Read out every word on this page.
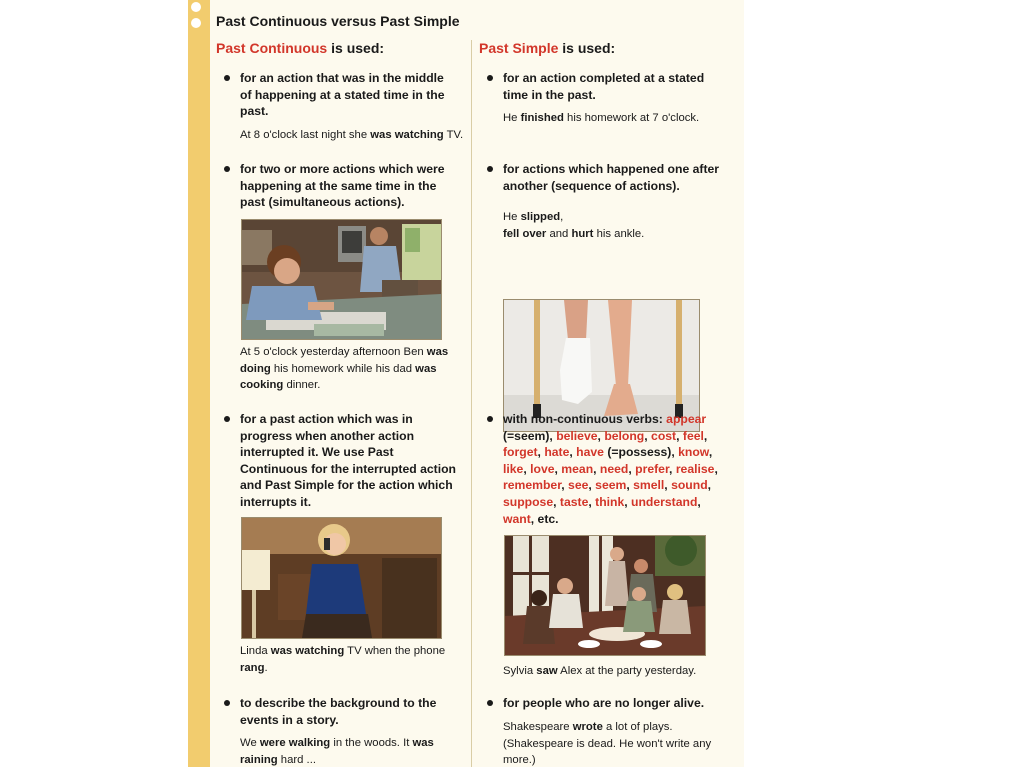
Past Continuous versus Past Simple
Past Continuous is used:
for an action that was in the middle
of happening at a stated time in the
past.
At 8 o'clock last night she was watching TV.
for two or more actions which were
happening at the same time in the
past (simultaneous actions).
At 5 o'clock yesterday afternoon Ben was
doing his homework while his dad was
cooking dinner.
for a past action which was in
progress when another action
interrupted it. We use Past
Continuous for the interrupted action
and Past Simple for the action which
interrupts it.
Linda was watching TV when the phone
rang.
to describe the background to the
events in a story.
We were walking in the woods. It was
raining hard ...
Past Simple is used:
for an action completed at a stated
time in the past.
He finished his homework at 7 o'clock.
for actions which happened one after
another (sequence of actions).
He slipped,
fell over and hurt his ankle.
with non-continuous verbs: appear
(=seem), believe, belong, cost, feel,
forget, hate, have (=possess), know,
like, love, mean, need, prefer, realise,
remember, see, seem, smell, sound,
suppose, taste, think, understand,
want, etc.
Sylvia saw Alex at the party yesterday.
for people who are no longer alive.
Shakespeare wrote a lot of plays.
(Shakespeare is dead. He won't write any
more.)
